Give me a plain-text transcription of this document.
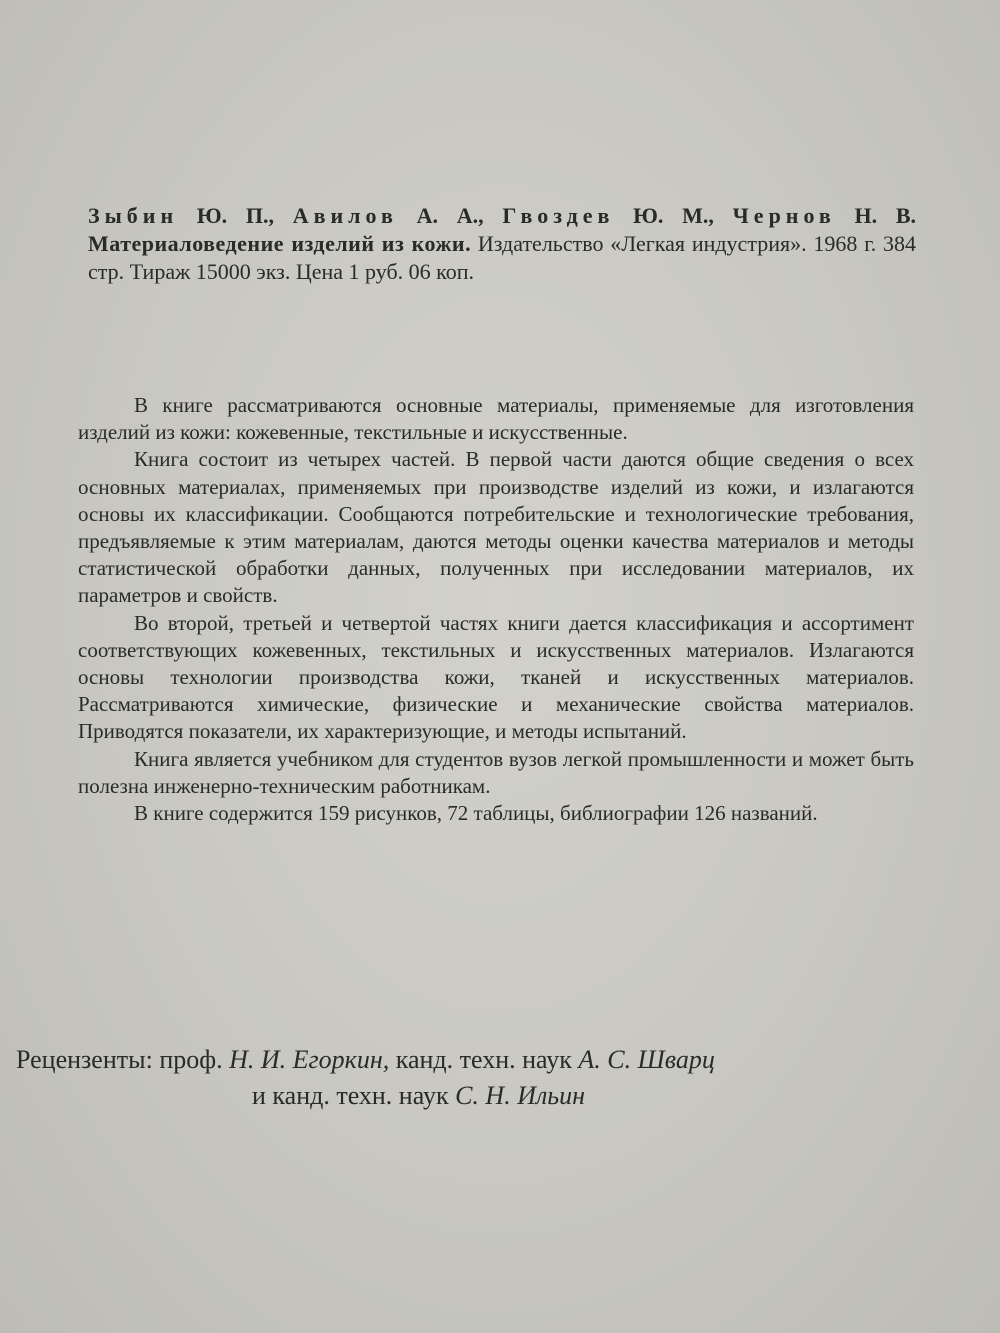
Зыбин Ю. П., Авилов А. А., Гвоздев Ю. М., Чернов Н. В. Материаловедение изделий из кожи. Издательство «Легкая индустрия». 1968 г. 384 стр. Тираж 15000 экз. Цена 1 руб. 06 коп.

В книге рассматриваются основные материалы, применяемые для изготовления изделий из кожи: кожевенные, текстильные и искусственные.

Книга состоит из четырех частей. В первой части даются общие сведения о всех основных материалах, применяемых при производстве изделий из кожи, и излагаются основы их классификации. Сообщаются потребительские и технологические требования, предъявляемые к этим материалам, даются методы оценки качества материалов и методы статистической обработки данных, полученных при исследовании материалов, их параметров и свойств.

Во второй, третьей и четвертой частях книги дается классификация и ассортимент соответствующих кожевенных, текстильных и искусственных материалов. Излагаются основы технологии производства кожи, тканей и искусственных материалов. Рассматриваются химические, физические и механические свойства материалов. Приводятся показатели, их характеризующие, и методы испытаний.

Книга является учебником для студентов вузов легкой промышленности и может быть полезна инженерно-техническим работникам.

В книге содержится 159 рисунков, 72 таблицы, библиографии 126 названий.

Рецензенты: проф. Н. И. Егоркин, канд. техн. наук А. С. Шварц
и канд. техн. наук С. Н. Ильин
